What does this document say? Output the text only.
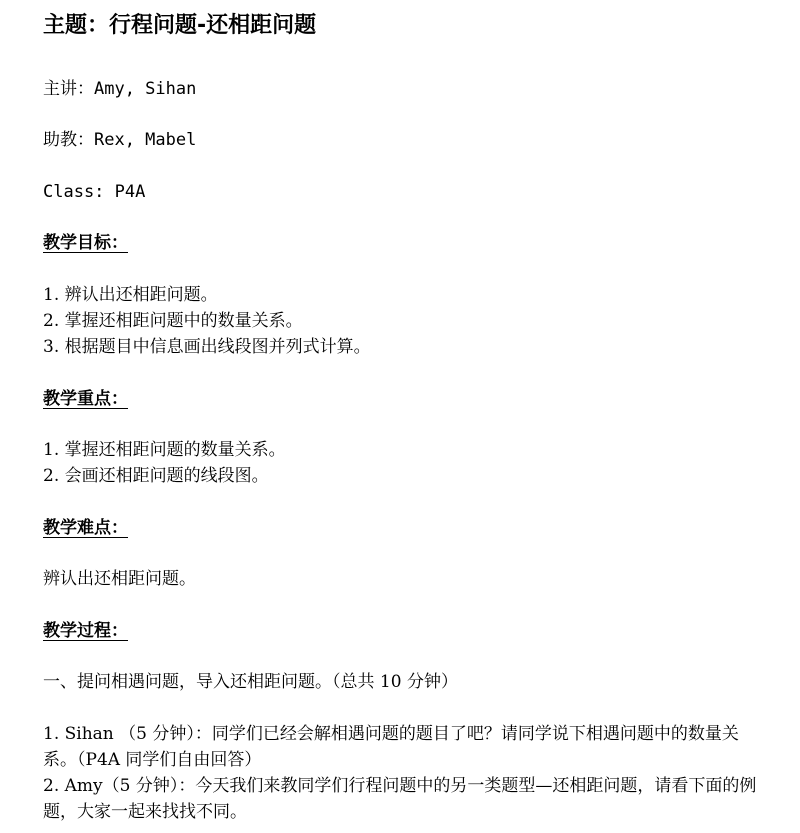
主题：行程问题-还相距问题
主讲：Amy, Sihan
助教：Rex, Mabel
Class: P4A
教学目标：
1. 辨认出还相距问题。
2. 掌握还相距问题中的数量关系。
3. 根据题目中信息画出线段图并列式计算。
教学重点：
1. 掌握还相距问题的数量关系。
2. 会画还相距问题的线段图。
教学难点：
辨认出还相距问题。
教学过程：
一、提问相遇问题，导入还相距问题。（总共 10 分钟）
1. Sihan （5 分钟）：同学们已经会解相遇问题的题目了吧？请同学说下相遇问题中的数量关系。（P4A 同学们自由回答）
2. Amy（5 分钟）：今天我们来教同学们行程问题中的另一类题型—还相距问题，请看下面的例题，大家一起来找找不同。
